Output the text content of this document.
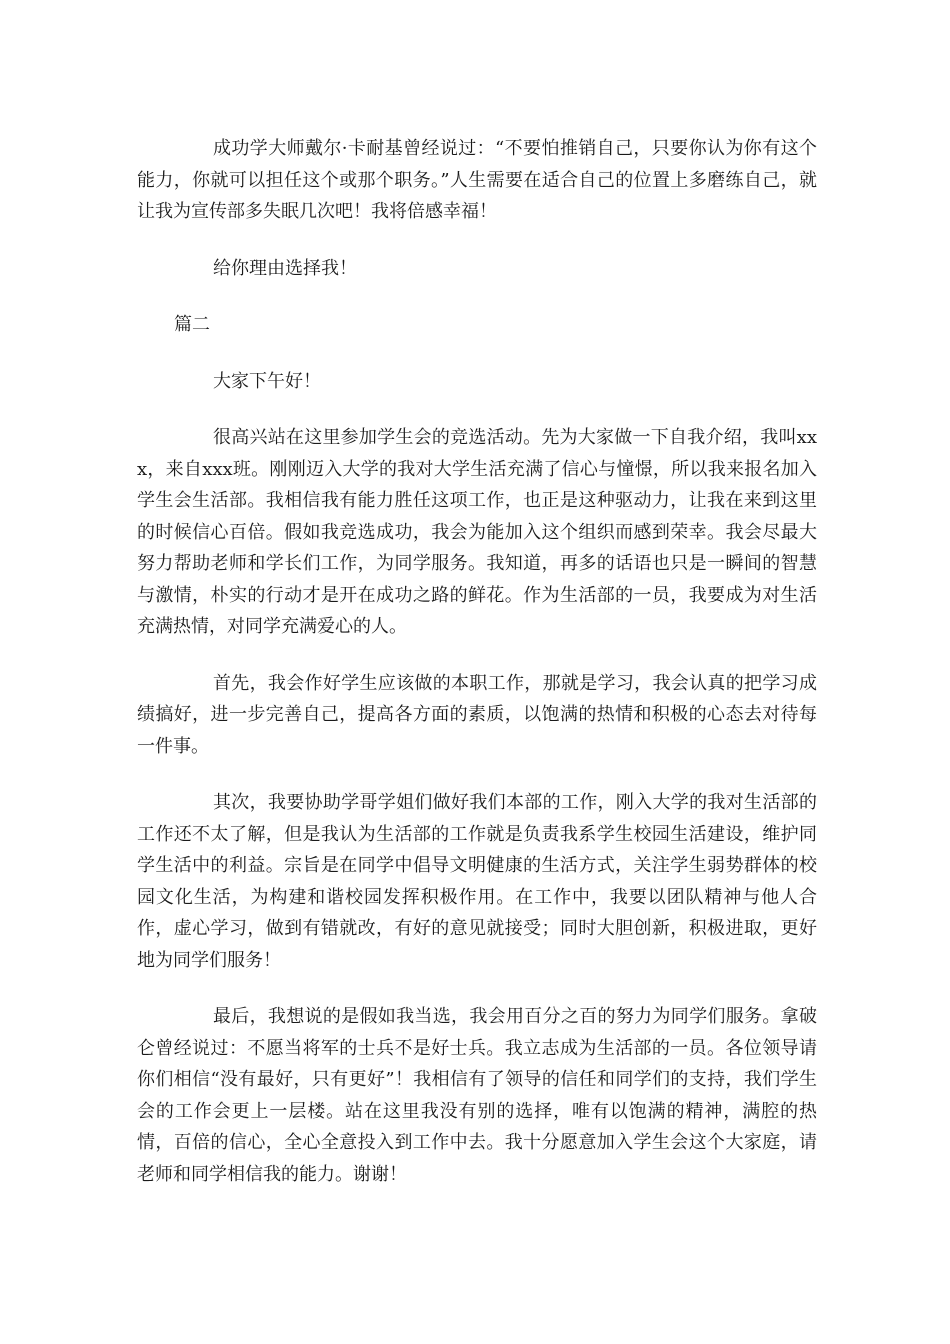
成功学大师戴尔·卡耐基曾经说过：“不要怕推销自己，只要你认为你有这个能力，你就可以担任这个或那个职务。”人生需要在适合自己的位置上多磨练自己，就让我为宣传部多失眠几次吧！我将倍感幸福！

给你理由选择我！

篇二

大家下午好！

很高兴站在这里参加学生会的竞选活动。先为大家做一下自我介绍，我叫xxx，来自xxx班。刚刚迈入大学的我对大学生活充满了信心与憧憬，所以我来报名加入学生会生活部。我相信我有能力胜任这项工作，也正是这种驱动力，让我在来到这里的时候信心百倍。假如我竞选成功，我会为能加入这个组织而感到荣幸。我会尽最大努力帮助老师和学长们工作，为同学服务。我知道，再多的话语也只是一瞬间的智慧与激情，朴实的行动才是开在成功之路的鲜花。作为生活部的一员，我要成为对生活充满热情，对同学充满爱心的人。

首先，我会作好学生应该做的本职工作，那就是学习，我会认真的把学习成绩搞好，进一步完善自己，提高各方面的素质，以饱满的热情和积极的心态去对待每一件事。

其次，我要协助学哥学姐们做好我们本部的工作，刚入大学的我对生活部的工作还不太了解，但是我认为生活部的工作就是负责我系学生校园生活建设，维护同学生活中的利益。宗旨是在同学中倡导文明健康的生活方式，关注学生弱势群体的校园文化生活，为构建和谐校园发挥积极作用。在工作中，我要以团队精神与他人合作，虚心学习，做到有错就改，有好的意见就接受；同时大胆创新，积极进取，更好地为同学们服务！

最后，我想说的是假如我当选，我会用百分之百的努力为同学们服务。拿破仑曾经说过：不愿当将军的士兵不是好士兵。我立志成为生活部的一员。各位领导请你们相信“没有最好，只有更好”！我相信有了领导的信任和同学们的支持，我们学生会的工作会更上一层楼。站在这里我没有别的选择，唯有以饱满的精神，满腔的热情，百倍的信心，全心全意投入到工作中去。我十分愿意加入学生会这个大家庭，请老师和同学相信我的能力。谢谢！
